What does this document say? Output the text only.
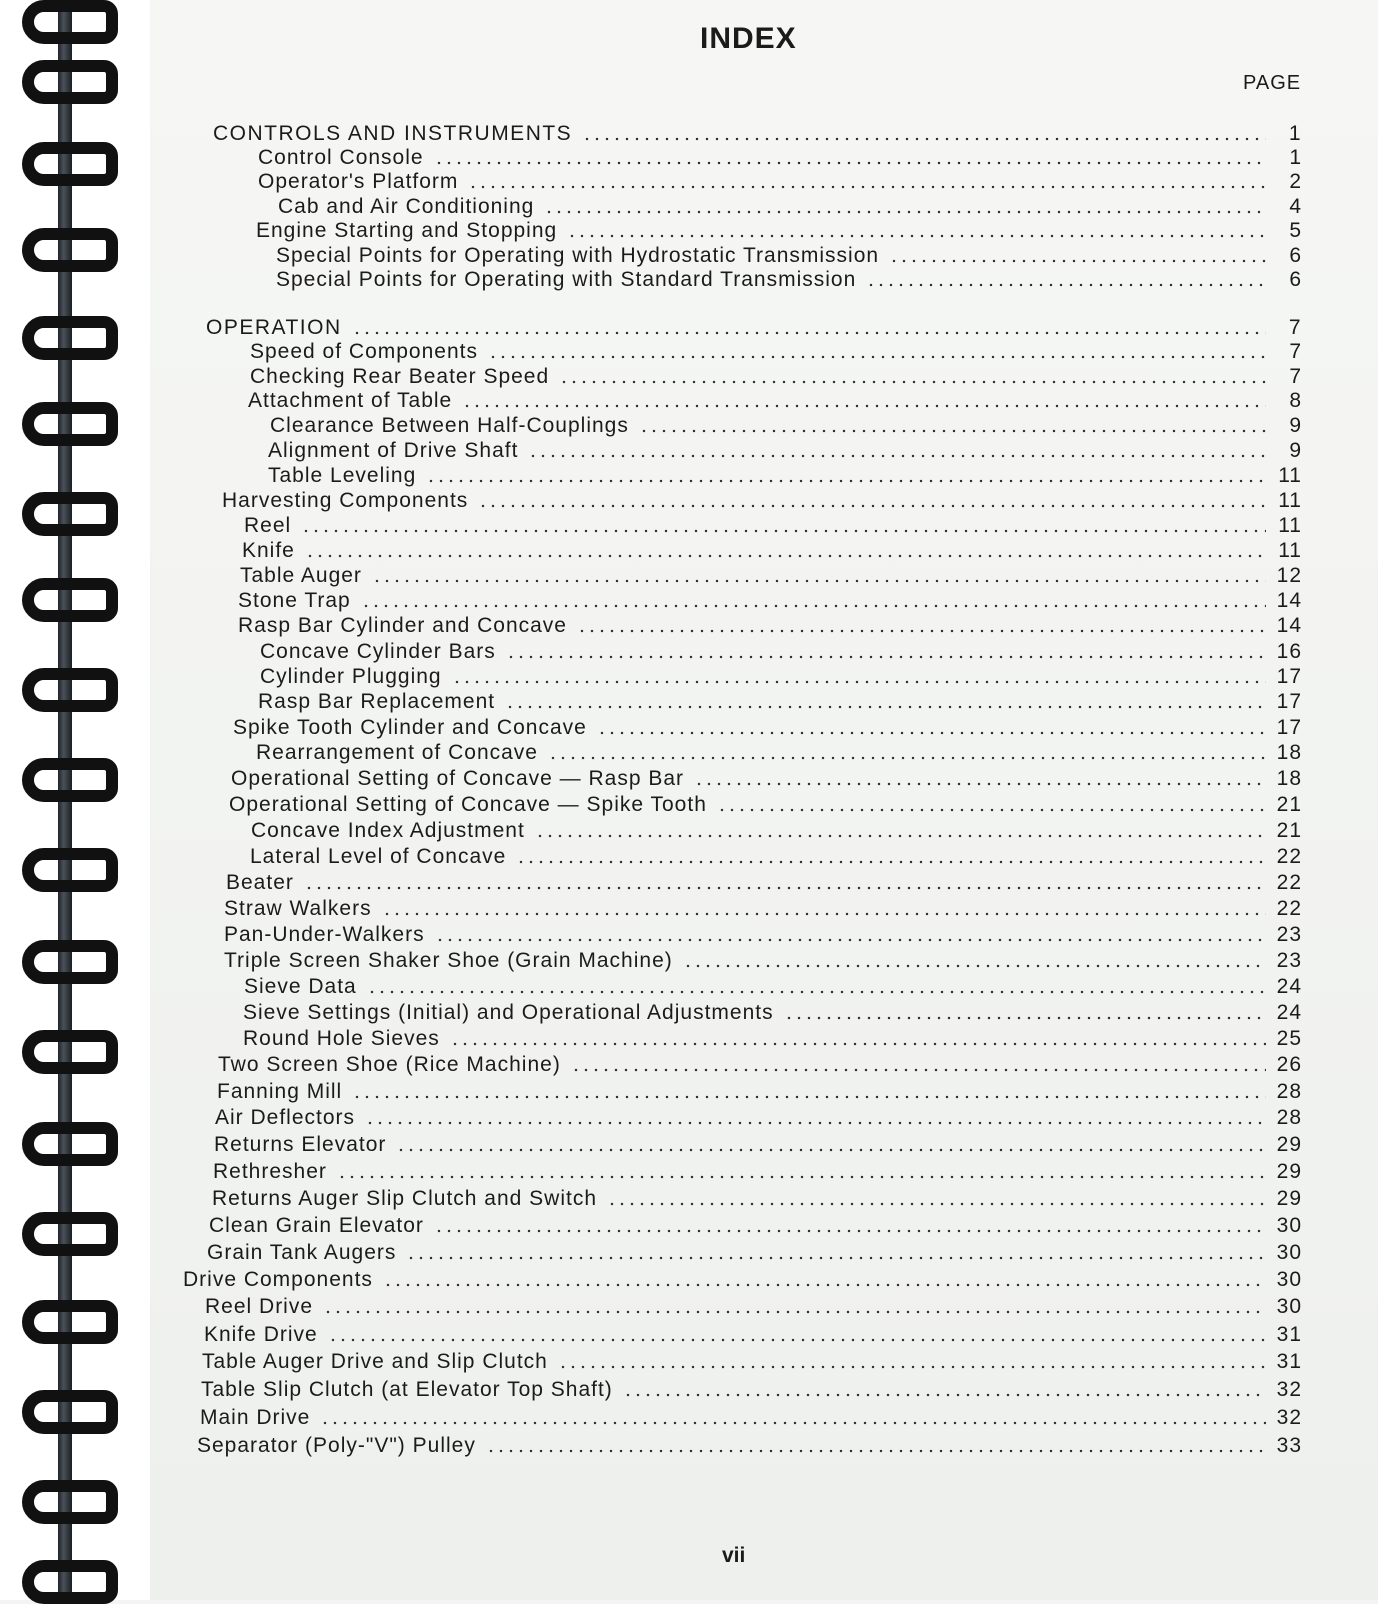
INDEX
PAGE
CONTROLS AND INSTRUMENTS	1
Control Console	1
Operator's Platform	2
Cab and Air Conditioning	4
Engine Starting and Stopping	5
Special Points for Operating with Hydrostatic Transmission	6
Special Points for Operating with Standard Transmission	6
OPERATION	7
Speed of Components	7
Checking Rear Beater Speed	7
Attachment of Table	8
Clearance Between Half-Couplings	9
Alignment of Drive Shaft	9
Table Leveling	11
Harvesting Components	11
Reel	11
Knife	11
Table Auger	12
Stone Trap	14
Rasp Bar Cylinder and Concave	14
Concave Cylinder Bars	16
Cylinder Plugging	17
Rasp Bar Replacement	17
Spike Tooth Cylinder and Concave	17
Rearrangement of Concave	18
Operational Setting of Concave — Rasp Bar	18
Operational Setting of Concave — Spike Tooth	21
Concave Index Adjustment	21
Lateral Level of Concave	22
Beater	22
Straw Walkers	22
Pan-Under-Walkers	23
Triple Screen Shaker Shoe (Grain Machine)	23
Sieve Data	24
Sieve Settings (Initial) and Operational Adjustments	24
Round Hole Sieves	25
Two Screen Shoe (Rice Machine)	26
Fanning Mill	28
Air Deflectors	28
Returns Elevator	29
Rethresher	29
Returns Auger Slip Clutch and Switch	29
Clean Grain Elevator	30
Grain Tank Augers	30
Drive Components	30
Reel Drive	30
Knife Drive	31
Table Auger Drive and Slip Clutch	31
Table Slip Clutch (at Elevator Top Shaft)	32
Main Drive	32
Separator (Poly-"V") Pulley	33
vii
